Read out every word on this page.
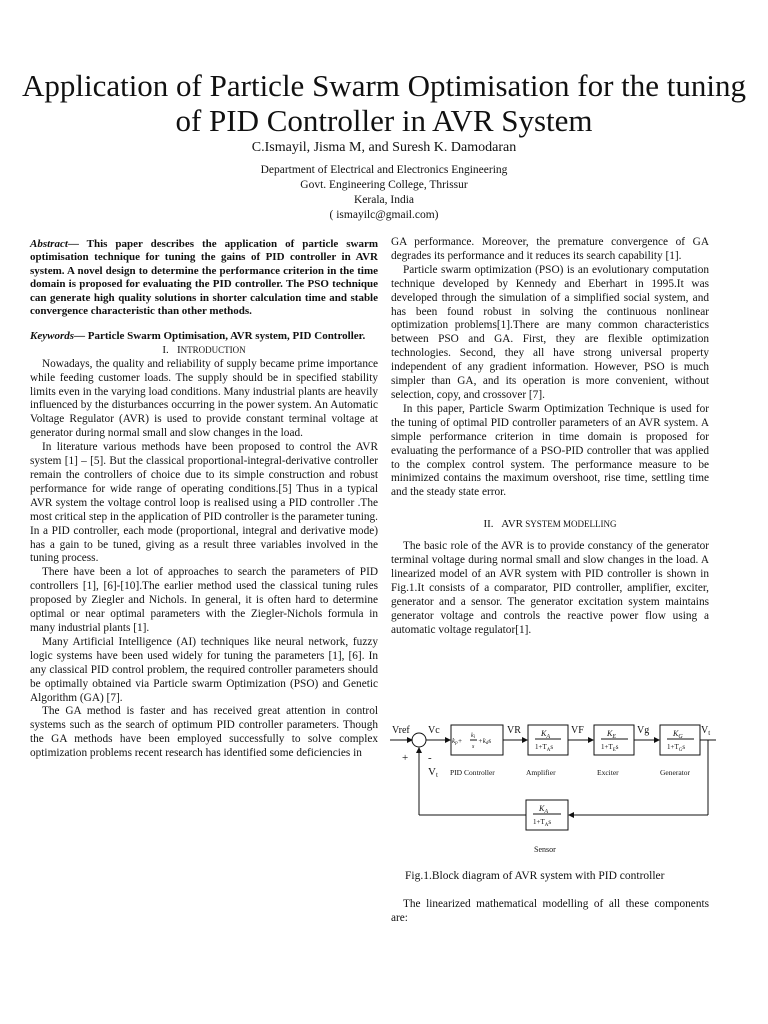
Application of Particle Swarm Optimisation for the tuning of PID Controller in AVR System
C.Ismayil, Jisma M, and Suresh K. Damodaran
Department of Electrical and Electronics Engineering
Govt. Engineering College, Thrissur
Kerala, India
( ismayilc@gmail.com)

Abstract— This paper describes the application of particle swarm optimisation technique for tuning the gains of PID controller in AVR system. A novel design to determine the performance criterion in the time domain is proposed for evaluating the PID controller. The PSO technique can generate high quality solutions in shorter calculation time and stable convergence characteristic than other methods.

Keywords— Particle Swarm Optimisation, AVR system, PID Controller.

I. INTRODUCTION

Nowadays, the quality and reliability of supply became prime importance while feeding customer loads. The supply should be in specified stability limits even in the varying load conditions. Many industrial plants are heavily influenced by the disturbances occurring in the power system. An Automatic Voltage Regulator (AVR) is used to provide constant terminal voltage at generator during normal small and slow changes in the load.

In literature various methods have been proposed to control the AVR system [1] – [5]. But the classical proportional-integral-derivative controller remain the controllers of choice due to its simple construction and robust performance for wide range of operating conditions.[5] Thus in a typical AVR system the voltage control loop is realised using a PID controller .The most critical step in the application of PID controller is the parameter tuning. In a PID controller, each mode (proportional, integral and derivative mode) has a gain to be tuned, giving as a result three variables involved in the tuning process.

There have been a lot of approaches to search the parameters of PID controllers [1], [6]-[10].The earlier method used the classical tuning rules proposed by Ziegler and Nichols. In general, it is often hard to determine optimal or near optimal parameters with the Ziegler-Nichols formula in many industrial plants [1].

Many Artificial Intelligence (AI) techniques like neural network, fuzzy logic systems have been used widely for tuning the parameters [1], [6]. In any classical PID control problem, the required controller parameters should be optimally obtained via Particle swarm Optimization (PSO) and Genetic Algorithm (GA) [7].

The GA method is faster and has received great attention in control systems such as the search of optimum PID controller parameters. Though the GA methods have been employed successfully to solve complex optimization problems recent research has identified some deficiencies in

GA performance. Moreover, the premature convergence of GA degrades its performance and it reduces its search capability [1].

Particle swarm optimization (PSO) is an evolutionary computation technique developed by Kennedy and Eberhart in 1995.It was developed through the simulation of a simplified social system, and has been found robust in solving the continuous nonlinear optimization problems[1].There are many common characteristics between PSO and GA. First, they are flexible optimization technologies. Second, they all have strong universal property independent of any gradient information. However, PSO is much simpler than GA, and its operation is more convenient, without selection, copy, and crossover [7].

In this paper, Particle Swarm Optimization Technique is used for the tuning of optimal PID controller parameters of an AVR system. A simple performance criterion in time domain is proposed for evaluating the performance of a PSO-PID controller that was applied to the complex control system. The performance measure to be minimized contains the maximum overshoot, rise time, settling time and the steady state error.

II. AVR SYSTEM MODELLING

The basic role of the AVR is to provide constancy of the generator terminal voltage during normal small and slow changes in the load. A linearized model of an AVR system with PID controller is shown in Fig.1.It consists of a comparator, PID controller, amplifier, exciter, generator and a sensor. The generator excitation system maintains generator voltage and controls the reactive power flow using a automatic voltage regulator[1].

Vref Vc	VR	VF	Vg	$V_t$
+ -
Vt
kp+
ki
s
+kds
$K_A$
$1+T_As$
$K_E$
$1+T_Es$
$K_G$
$1+T_Gs$
$K_A$
$1+T_As$
PID Controller	Amplifier	Exciter	Generator
Sensor
Fig.1.Block diagram of AVR system with PID controller

The linearized mathematical modelling of all these components are:
